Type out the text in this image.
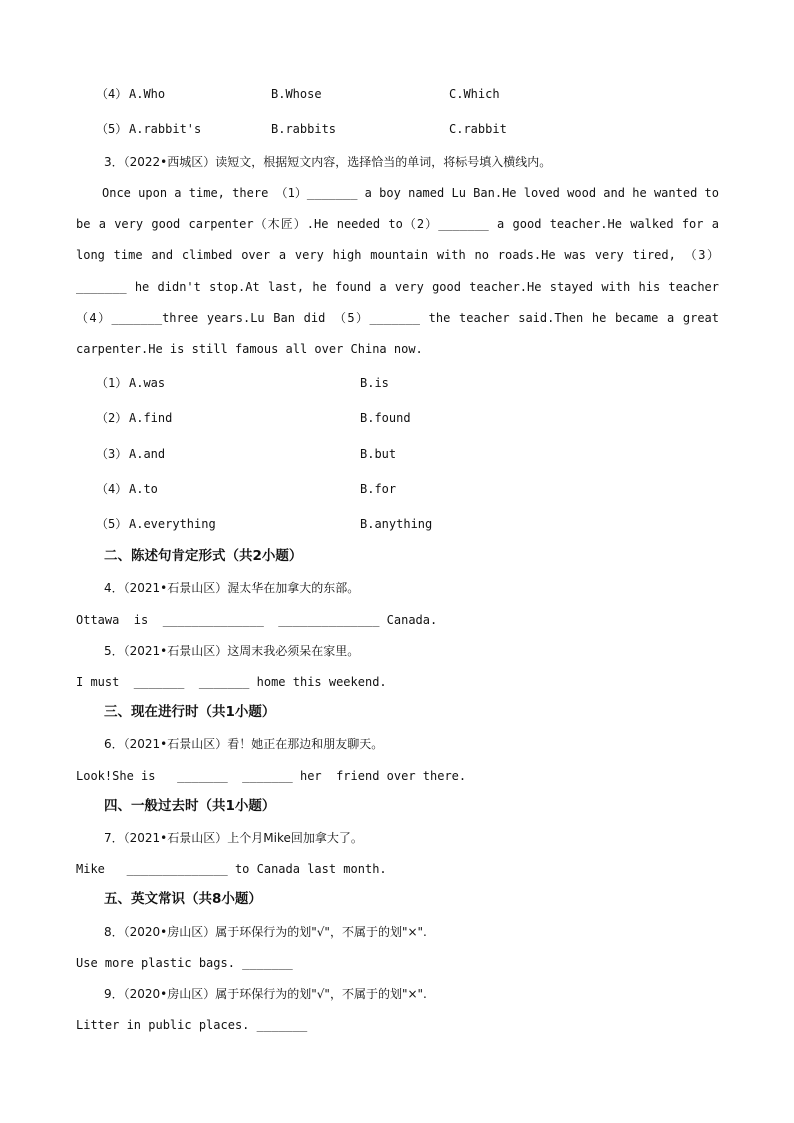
（4） A.Who	B.Whose	C.Which
（5） A.rabbit's	B.rabbits	C.rabbit
3．（2022•西城区）读短文，根据短文内容，选择恰当的单词，将标号填入横线内。
Once upon a time, there （1）_______ a boy named Lu Ban.He loved wood and he wanted to be a very good carpenter（木匠）.He needed to（2）_______ a good teacher.He walked for a long time and climbed over a very high mountain with no roads.He was very tired, （3）_______ he didn't stop.At last, he found a very good teacher.He stayed with his teacher（4）_______three years.Lu Ban did （5）_______ the teacher said.Then he became a great carpenter.He is still famous all over China now.
（1） A.was	B.is
（2） A.find	B.found
（3） A.and	B.but
（4） A.to	B.for
（5） A.everything	B.anything
二、陈述句肯定形式（共2小题）
4．（2021•石景山区）渥太华在加拿大的东部。
Ottawa  is  ______________  ______________ Canada.
5．（2021•石景山区）这周末我必须呆在家里。
I must  _______  _______ home this weekend.
三、现在进行时（共1小题）
6．（2021•石景山区）看！她正在那边和朋友聊天。
Look!She is   _______  _______ her  friend over there.
四、一般过去时（共1小题）
7．（2021•石景山区）上个月Mike回加拿大了。
Mike   ______________ to Canada last month.
五、英文常识（共8小题）
8．（2020•房山区）属于环保行为的划"√"，不属于的划"×".
Use more plastic bags. _______
9．（2020•房山区）属于环保行为的划"√"，不属于的划"×".
Litter in public places. _______
